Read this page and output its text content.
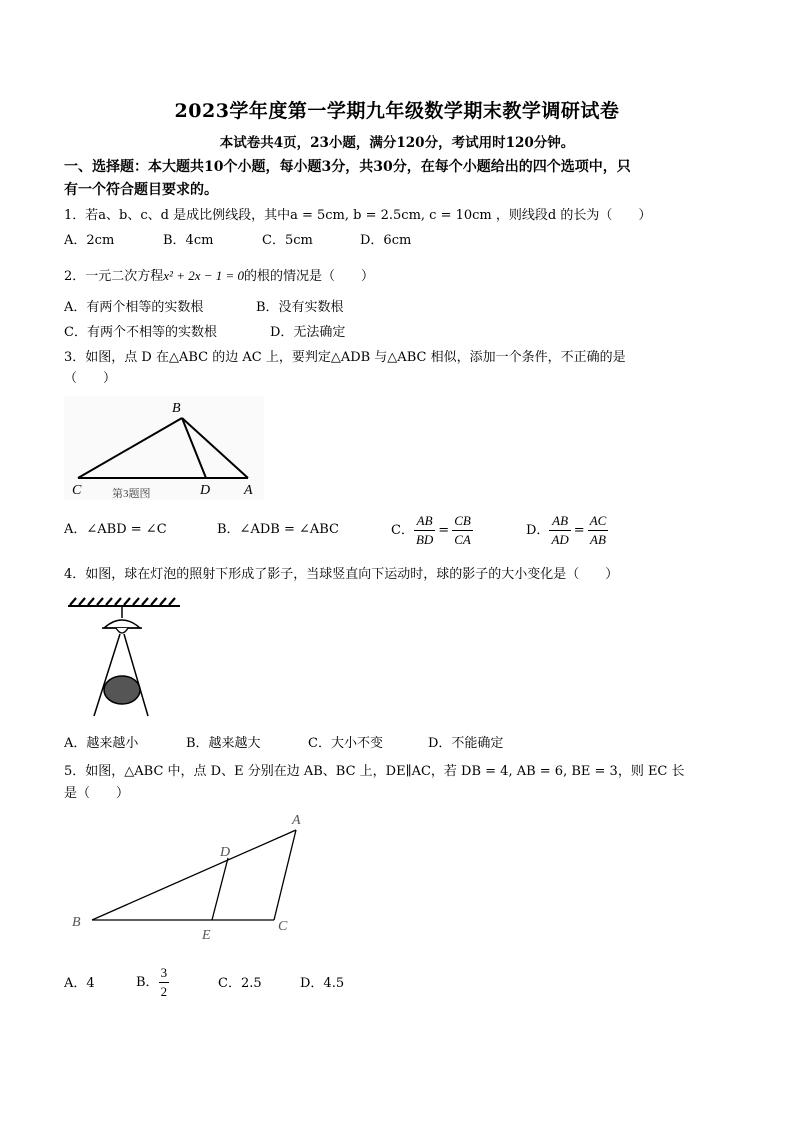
2023学年度第一学期九年级数学期末教学调研试卷
本试卷共4页，23小题，满分120分，考试用时120分钟。
一、选择题：本大题共10个小题，每小题3分，共30分，在每个小题给出的四个选项中，只
有一个符合题目要求的。
1．若a、b、c、d 是成比例线段，其中a = 5cm, b = 2.5cm, c = 10cm ，则线段d 的长为（　　）
A．2cm	B．4cm	C．5cm	D．6cm
2．一元二次方程x² + 2x − 1 = 0的根的情况是（　　）
A．有两个相等的实数根	B．没有实数根
C．有两个不相等的实数根	D．无法确定
3．如图，点 D 在△ABC 的边 AC 上，要判定△ADB 与△ABC 相似，添加一个条件，不正确的是
（　　）
B
C	D A
第3题图
A．∠ABD = ∠C	B．∠ADB = ∠ABC	C． $\frac{AB}{BD} = \frac{CB}{CA}$	D． $\frac{AB}{AD} = \frac{AC}{AB}$
4．如图，球在灯泡的照射下形成了影子，当球竖直向下运动时，球的影子的大小变化是（　　）
A．越来越小	B．越来越大	C．大小不变	D．不能确定
5．如图，△ABC 中，点 D、E 分别在边 AB、BC 上，DE∥AC，若 DB = 4, AB = 6, BE = 3，则 EC 长
是（　　）
A
B	C
D
E
A．4	B． $\frac{3}{2}$	C．2.5	D．4.5
